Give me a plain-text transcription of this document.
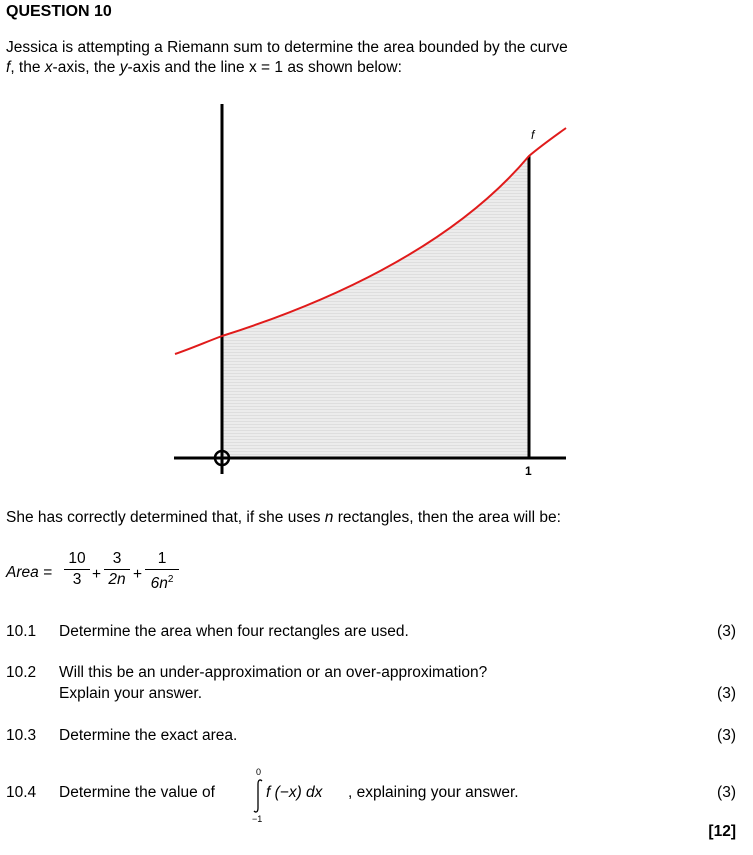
QUESTION 10
Jessica is attempting a Riemann sum to determine the area bounded by the curve
f, the x-axis, the y-axis and the line x = 1 as shown below:
f
1
She has correctly determined that, if she uses n rectangles, then the area will be:
Area =
10
3 +
3
2n +
1
$6n^2$
10.1 Determine the area when four rectangles are used.	(3)
10.2 Will this be an under-approximation or an over-approximation?
Explain your answer.	(3)
10.3 Determine the exact area.	(3)
10.4 Determine the value of
0
−1
f (−x) dx , explaining your answer.	(3)
[12]
